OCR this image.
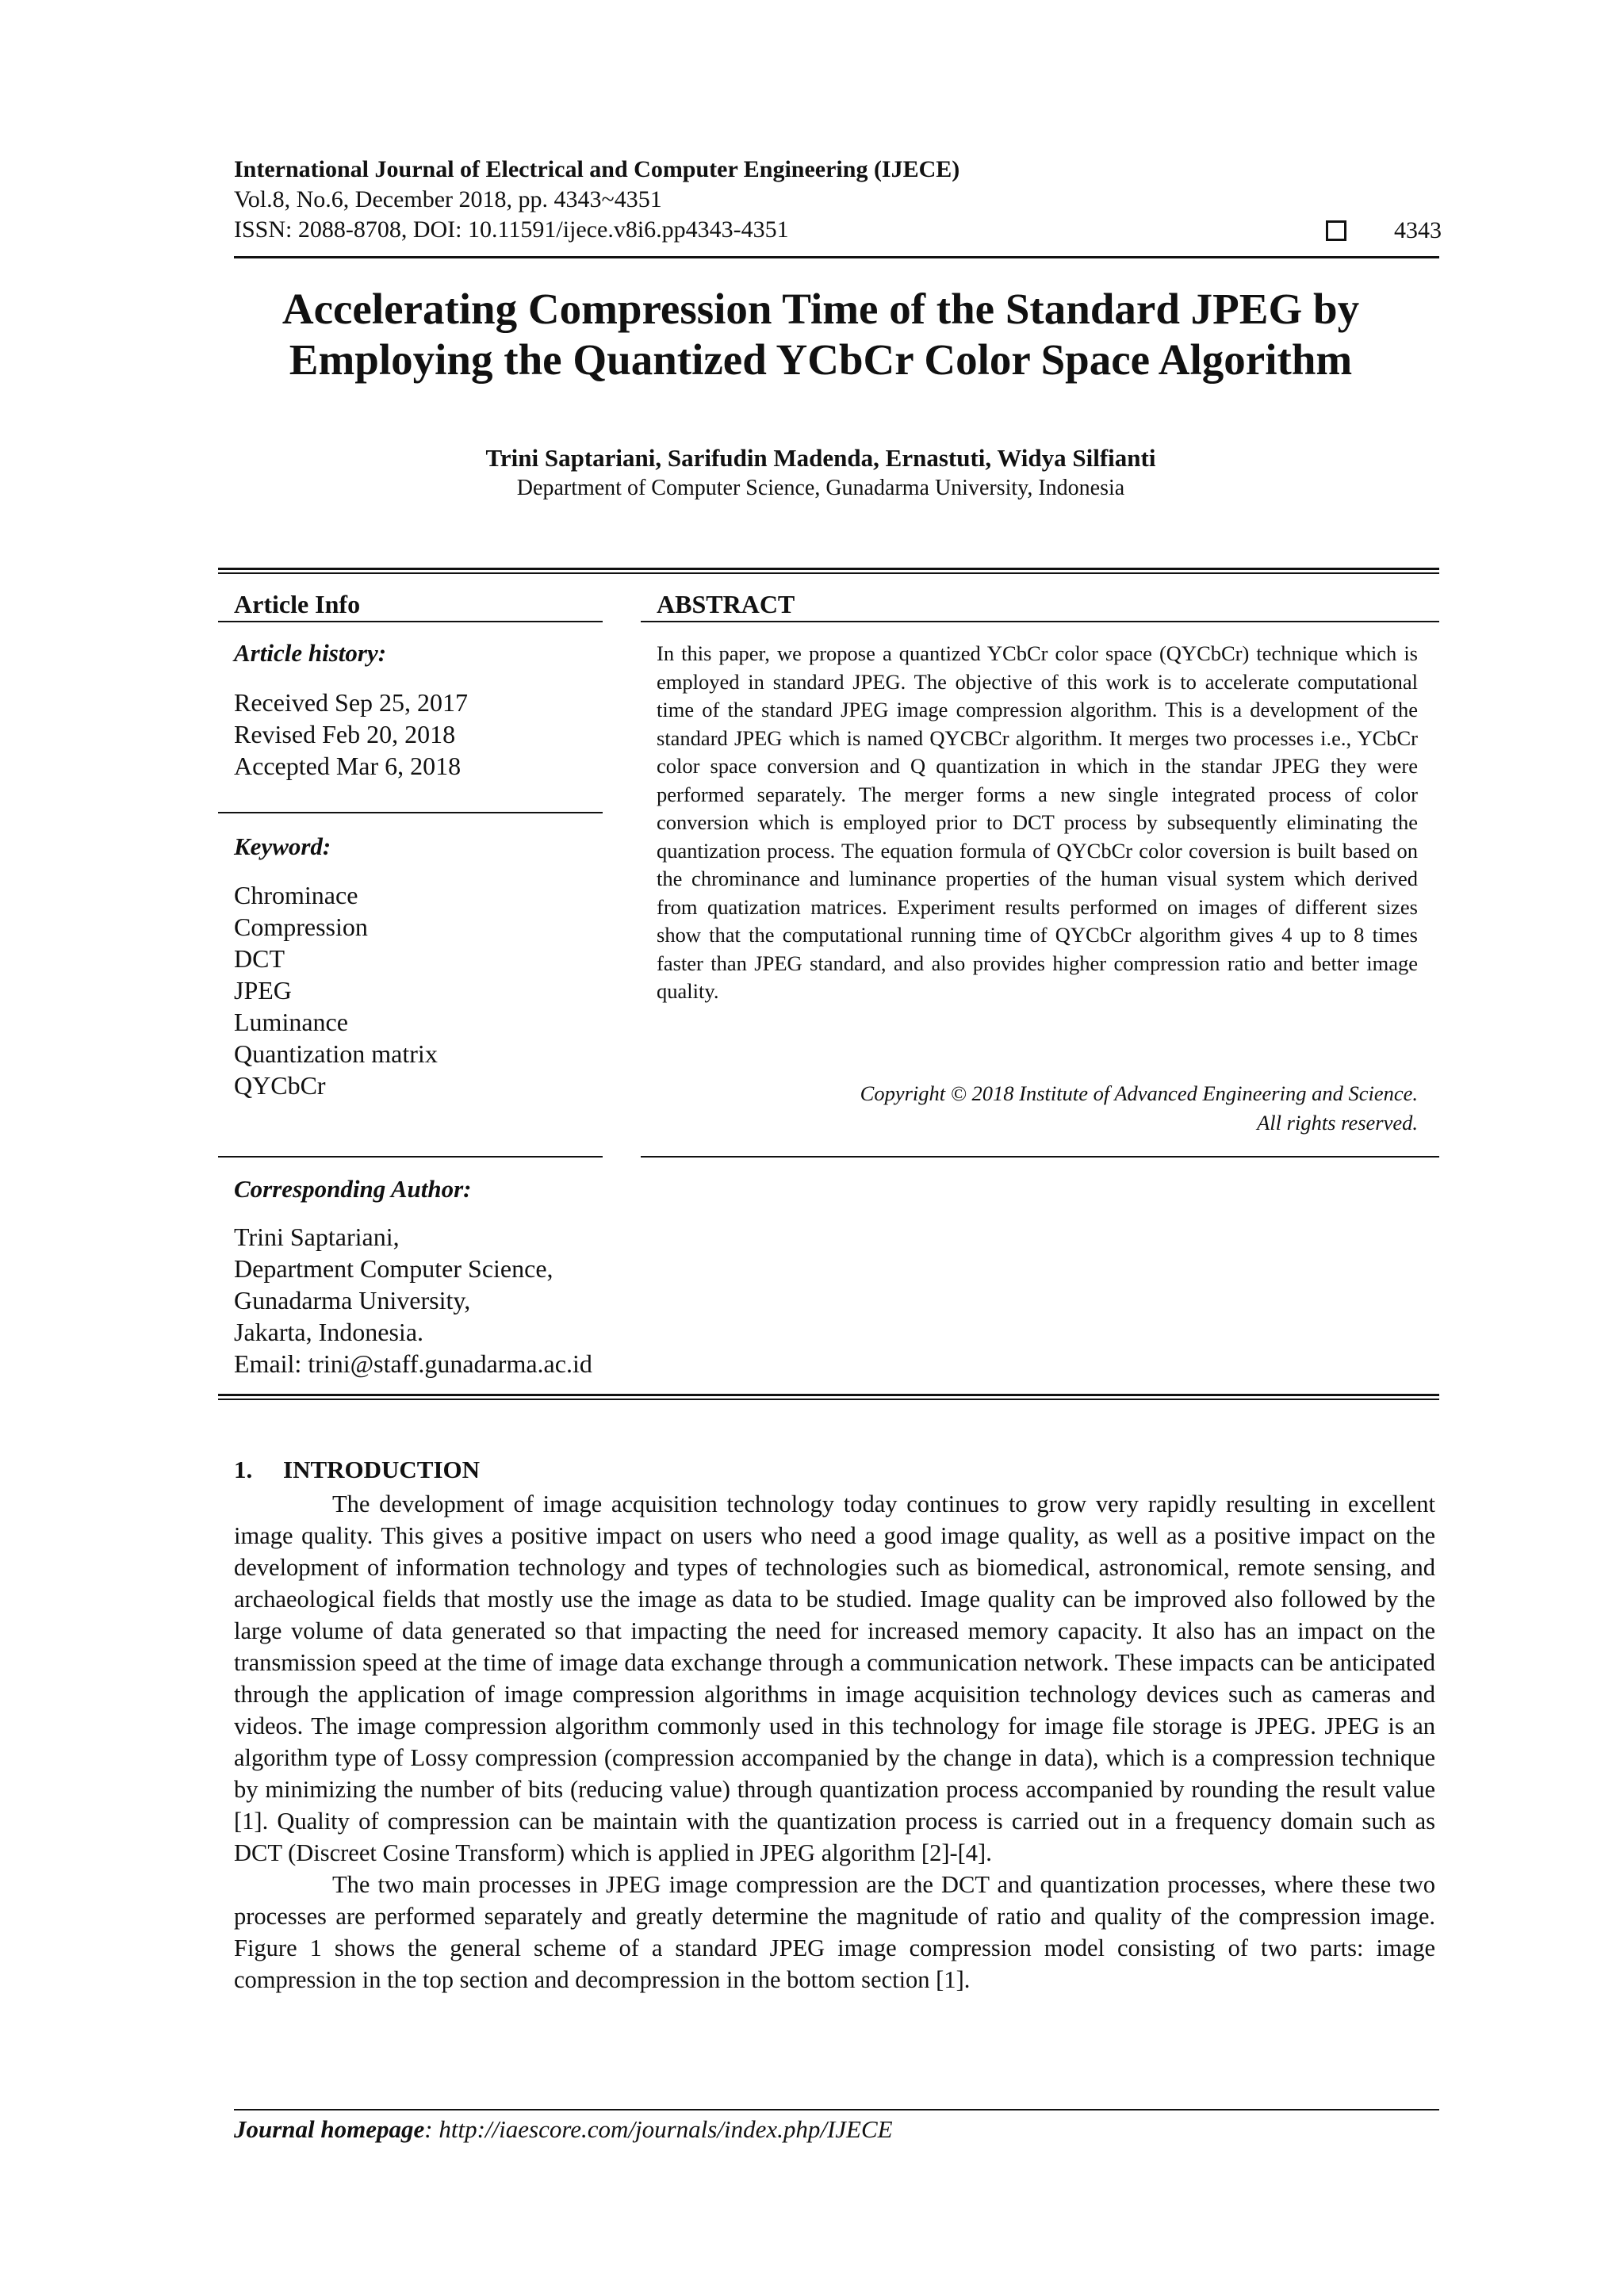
International Journal of Electrical and Computer Engineering (IJECE)
Vol.8, No.6, December 2018, pp. 4343~4351
ISSN: 2088-8708, DOI: 10.11591/ijece.v8i6.pp4343-4351	4343
Accelerating Compression Time of the Standard JPEG by
Employing the Quantized YCbCr Color Space Algorithm
Trini Saptariani, Sarifudin Madenda, Ernastuti, Widya Silfianti
Department of Computer Science, Gunadarma University, Indonesia
Article Info
Article history:
Received Sep 25, 2017
Revised Feb 20, 2018
Accepted Mar 6, 2018
Keyword:
Chrominace
Compression
DCT
JPEG
Luminance
Quantization matrix
QYCbCr
Corresponding Author:
Trini Saptariani,
Department Computer Science,
Gunadarma University,
Jakarta, Indonesia.
Email: trini@staff.gunadarma.ac.id
ABSTRACT
In this paper, we propose a quantized YCbCr color space (QYCbCr) technique which is employed in standard JPEG. The objective of this work is to accelerate computational time of the standard JPEG image compression algorithm. This is a development of the standard JPEG which is named QYCBCr algorithm. It merges two processes i.e., YCbCr color space conversion and Q quantization in which in the standar JPEG they were performed separately. The merger forms a new single integrated process of color conversion which is employed prior to DCT process by subsequently eliminating the quantization process. The equation formula of QYCbCr color coversion is built based on the chrominance and luminance properties of the human visual system which derived from quatization matrices. Experiment results performed on images of different sizes show that the computational running time of QYCbCr algorithm gives 4 up to 8 times faster than JPEG standard, and also provides higher compression ratio and better image quality.
Copyright © 2018 Institute of Advanced Engineering and Science.
All rights reserved.
1.     INTRODUCTION

The development of image acquisition technology today continues to grow very rapidly resulting in excellent image quality. This gives a positive impact on users who need a good image quality, as well as a positive impact on the development of information technology and types of technologies such as biomedical, astronomical, remote sensing, and archaeological fields that mostly use the image as data to be studied. Image quality can be improved also followed by the large volume of data generated so that impacting the need for increased memory capacity. It also has an impact on the transmission speed at the time of image data exchange through a communication network. These impacts can be anticipated through the application of image compression algorithms in image acquisition technology devices such as cameras and videos. The image compression algorithm commonly used in this technology for image file storage is JPEG. JPEG is an algorithm type of Lossy compression (compression accompanied by the change in data), which is a compression technique by minimizing the number of bits (reducing value) through quantization process accompanied by rounding the result value [1]. Quality of compression can be maintain with the quantization process is carried out in a frequency domain such as DCT (Discreet Cosine Transform) which is applied in JPEG algorithm [2]-[4].

The two main processes in JPEG image compression are the DCT and quantization processes, where these two processes are performed separately and greatly determine the magnitude of ratio and quality of the compression image. Figure 1 shows the general scheme of a standard JPEG image compression model consisting of two parts: image compression in the top section and decompression in the bottom section [1].

Journal homepage: http://iaescore.com/journals/index.php/IJECE
